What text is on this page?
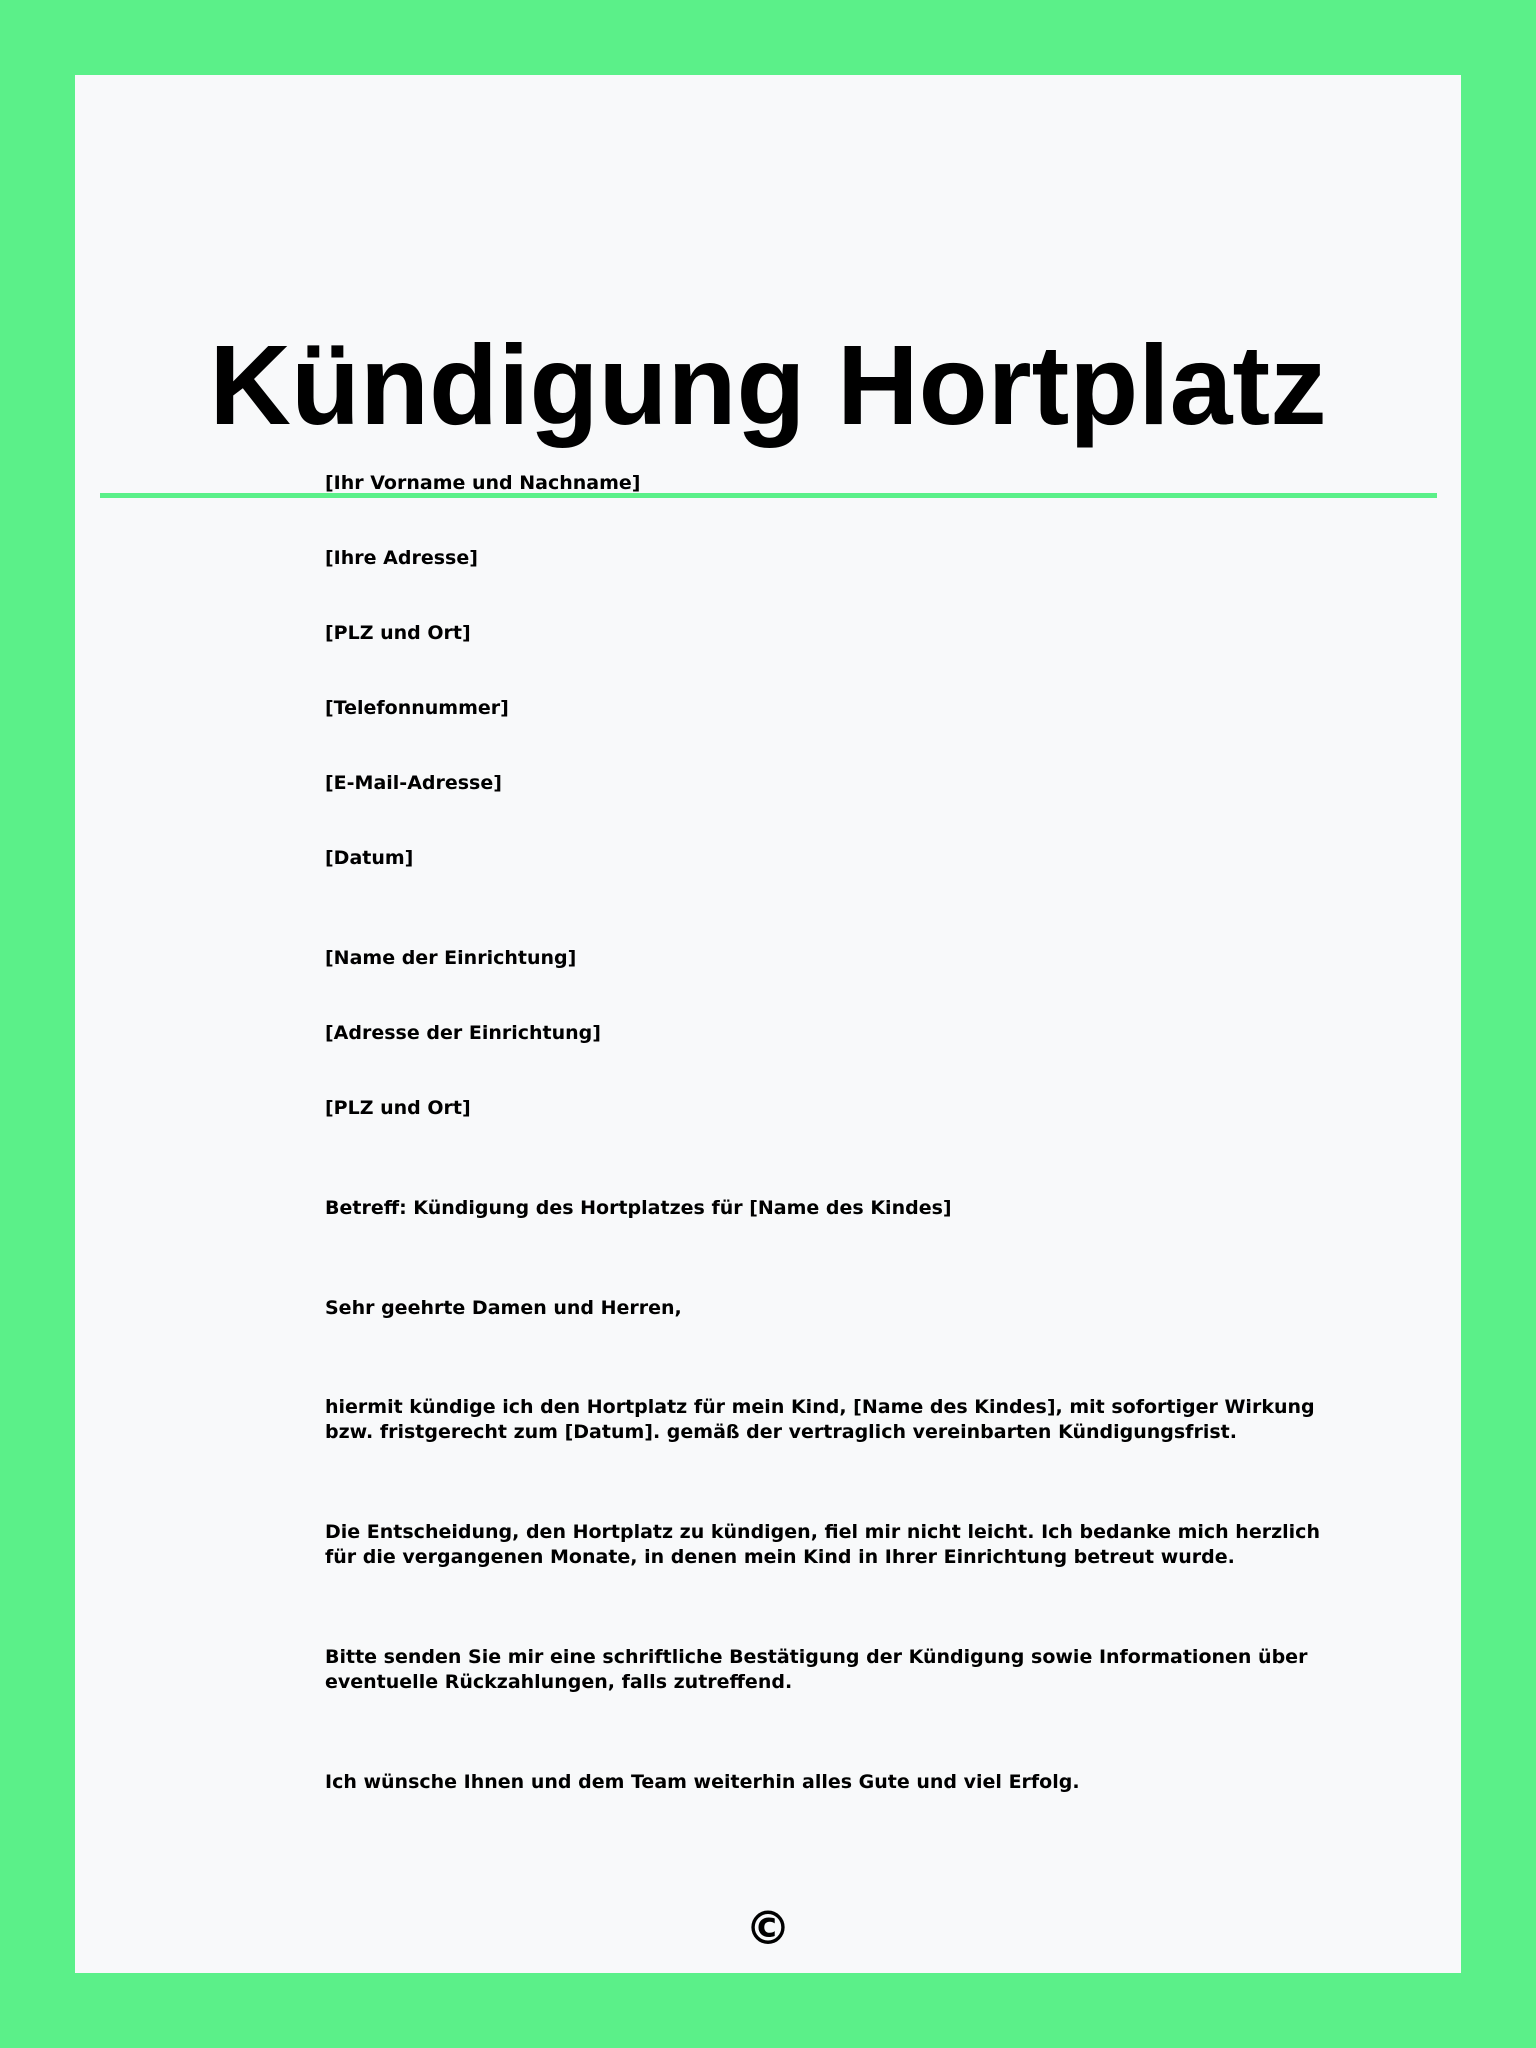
Kündigung Hortplatz

[Ihr Vorname und Nachname]

[Ihre Adresse]

[PLZ und Ort]

[Telefonnummer]

[E-Mail-Adresse]

[Datum]

[Name der Einrichtung]

[Adresse der Einrichtung]

[PLZ und Ort]

Betreff: Kündigung des Hortplatzes für [Name des Kindes]

Sehr geehrte Damen und Herren,

hiermit kündige ich den Hortplatz für mein Kind, [Name des Kindes], mit sofortiger Wirkung bzw. fristgerecht zum [Datum]. gemäß der vertraglich vereinbarten Kündigungsfrist.

Die Entscheidung, den Hortplatz zu kündigen, fiel mir nicht leicht. Ich bedanke mich herzlich für die vergangenen Monate, in denen mein Kind in Ihrer Einrichtung betreut wurde.

Bitte senden Sie mir eine schriftliche Bestätigung der Kündigung sowie Informationen über eventuelle Rückzahlungen, falls zutreffend.

Ich wünsche Ihnen und dem Team weiterhin alles Gute und viel Erfolg.

©
